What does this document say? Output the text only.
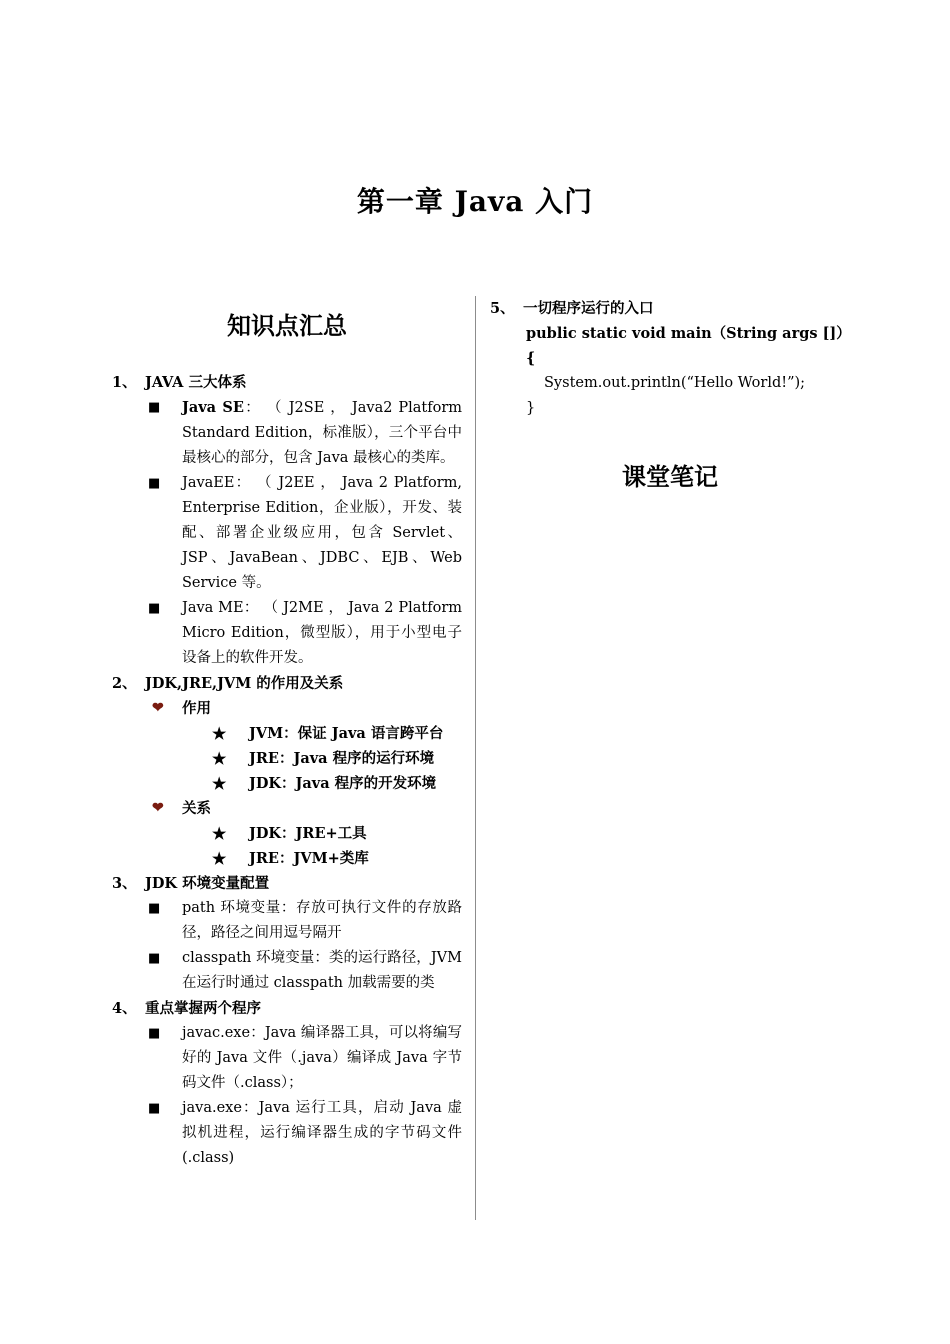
第一章 Java 入门
知识点汇总
1、 JAVA 三大体系
■	Java SE： （ J2SE ， Java2 Platform Standard Edition，标准版），三个平台中最核心的部分，包含 Java 最核心的类库。
■	JavaEE： （ J2EE ， Java 2 Platform, Enterprise Edition，企业版），开发、装配、部署企业级应用，包含 Servlet、JSP、JavaBean、JDBC、EJB、Web Service 等。
■	Java ME： （ J2ME ， Java 2 Platform Micro Edition，微型版），用于小型电子设备上的软件开发。
2、 JDK,JRE,JVM 的作用及关系
❤	作用
★	JVM：保证 Java 语言跨平台
★	JRE：Java 程序的运行环境
★	JDK：Java 程序的开发环境
❤	关系
★	JDK：JRE+工具
★	JRE：JVM+类库
3、 JDK 环境变量配置
■	path 环境变量：存放可执行文件的存放路径，路径之间用逗号隔开
■	classpath 环境变量：类的运行路径，JVM 在运行时通过 classpath 加载需要的类
4、 重点掌握两个程序
■	javac.exe：Java 编译器工具，可以将编写好的 Java 文件（.java）编译成 Java 字节码文件（.class）；
■	java.exe：Java 运行工具，启动 Java 虚拟机进程，运行编译器生成的字节码文件(.class)
5、 一切程序运行的入口
public static void main（String args []）{
System.out.println(“Hello World!”);
}
课堂笔记
